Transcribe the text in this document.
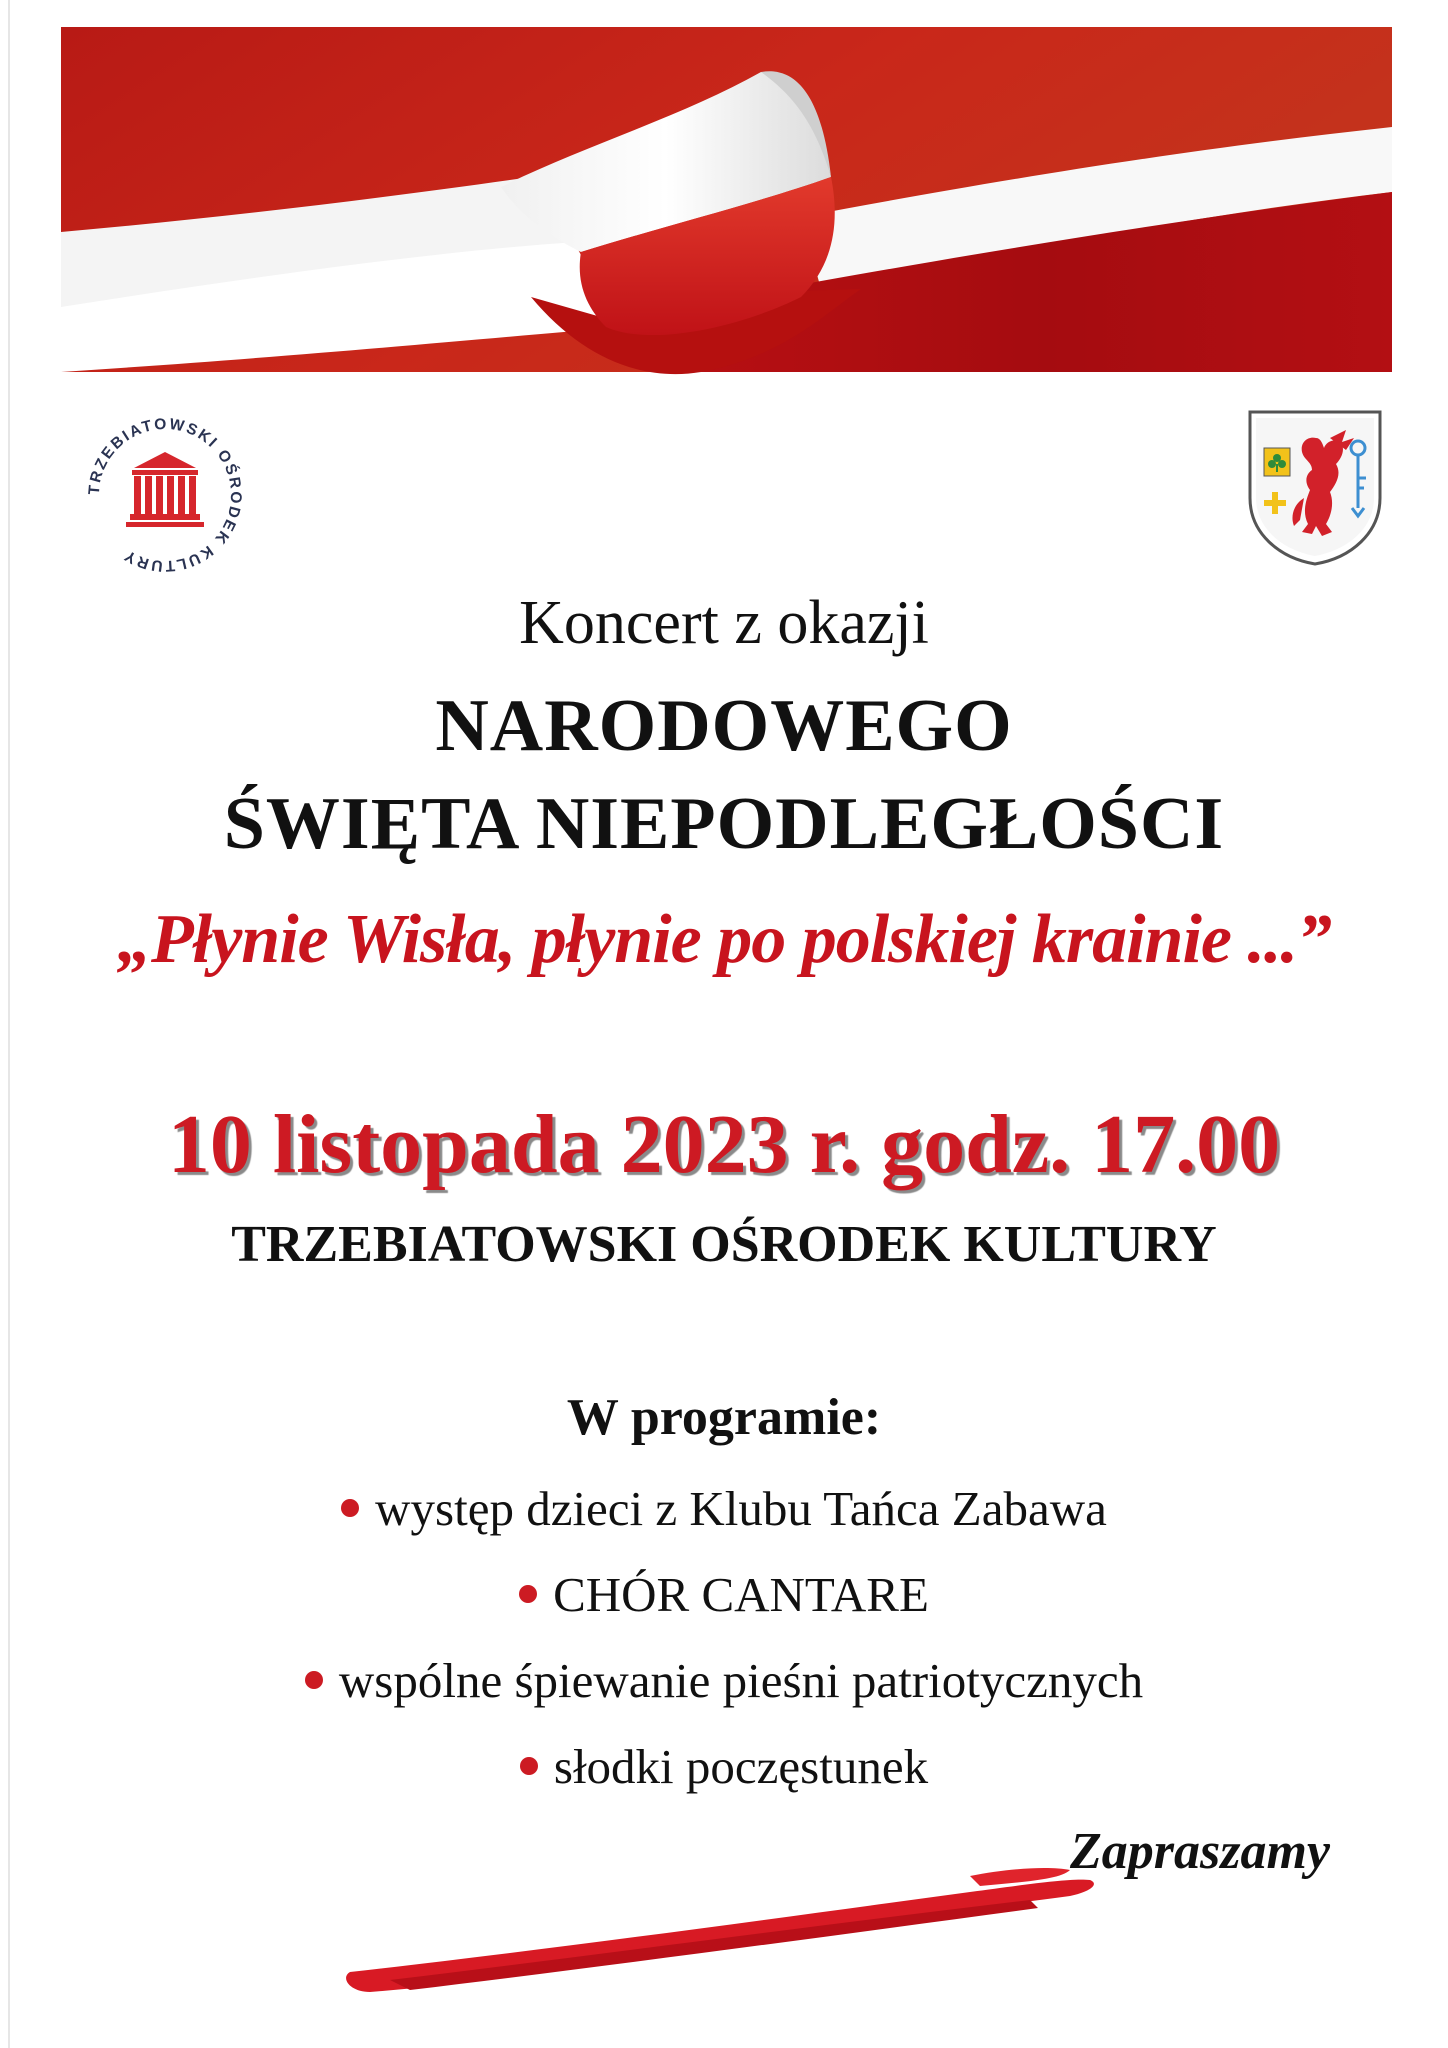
TRZEBIATOWSKI OŚRODEK KULTURY
Koncert z okazji
NARODOWEGO
ŚWIĘTA NIEPODLEGŁOŚCI
„Płynie Wisła, płynie po polskiej krainie ...”
10 listopada 2023 r. godz. 17.00
TRZEBIATOWSKI OŚRODEK KULTURY
W programie:
występ dzieci z Klubu Tańca Zabawa
CHÓR CANTARE
wspólne śpiewanie pieśni patriotycznych
słodki poczęstunek
Zapraszamy
